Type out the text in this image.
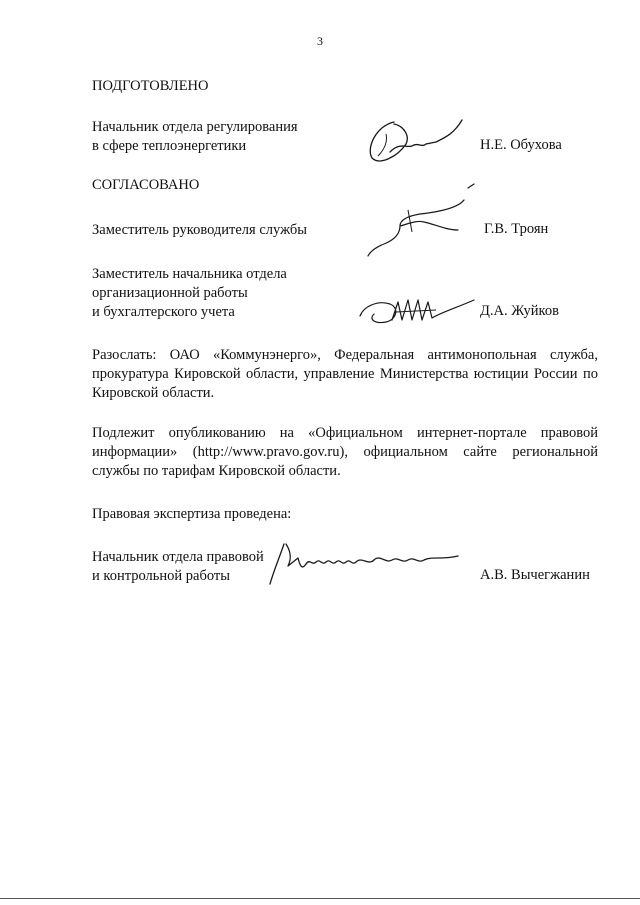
3
ПОДГОТОВЛЕНО
Начальник отдела регулирования
в сфере теплоэнергетики	Н.Е. Обухова
СОГЛАСОВАНО
Заместитель руководителя службы	Г.В. Троян
Заместитель начальника отдела
организационной работы
и бухгалтерского учета	Д.А. Жуйков
Разослать: ОАО «Коммунэнерго», Федеральная антимонопольная служба, прокуратура Кировской области, управление Министерства юстиции России по Кировской области.
Подлежит опубликованию на «Официальном интернет-портале правовой информации» (http://www.pravo.gov.ru), официальном сайте региональной службы по тарифам Кировской области.
Правовая экспертиза проведена:
Начальник отдела правовой
и контрольной работы	А.В. Вычегжанин
